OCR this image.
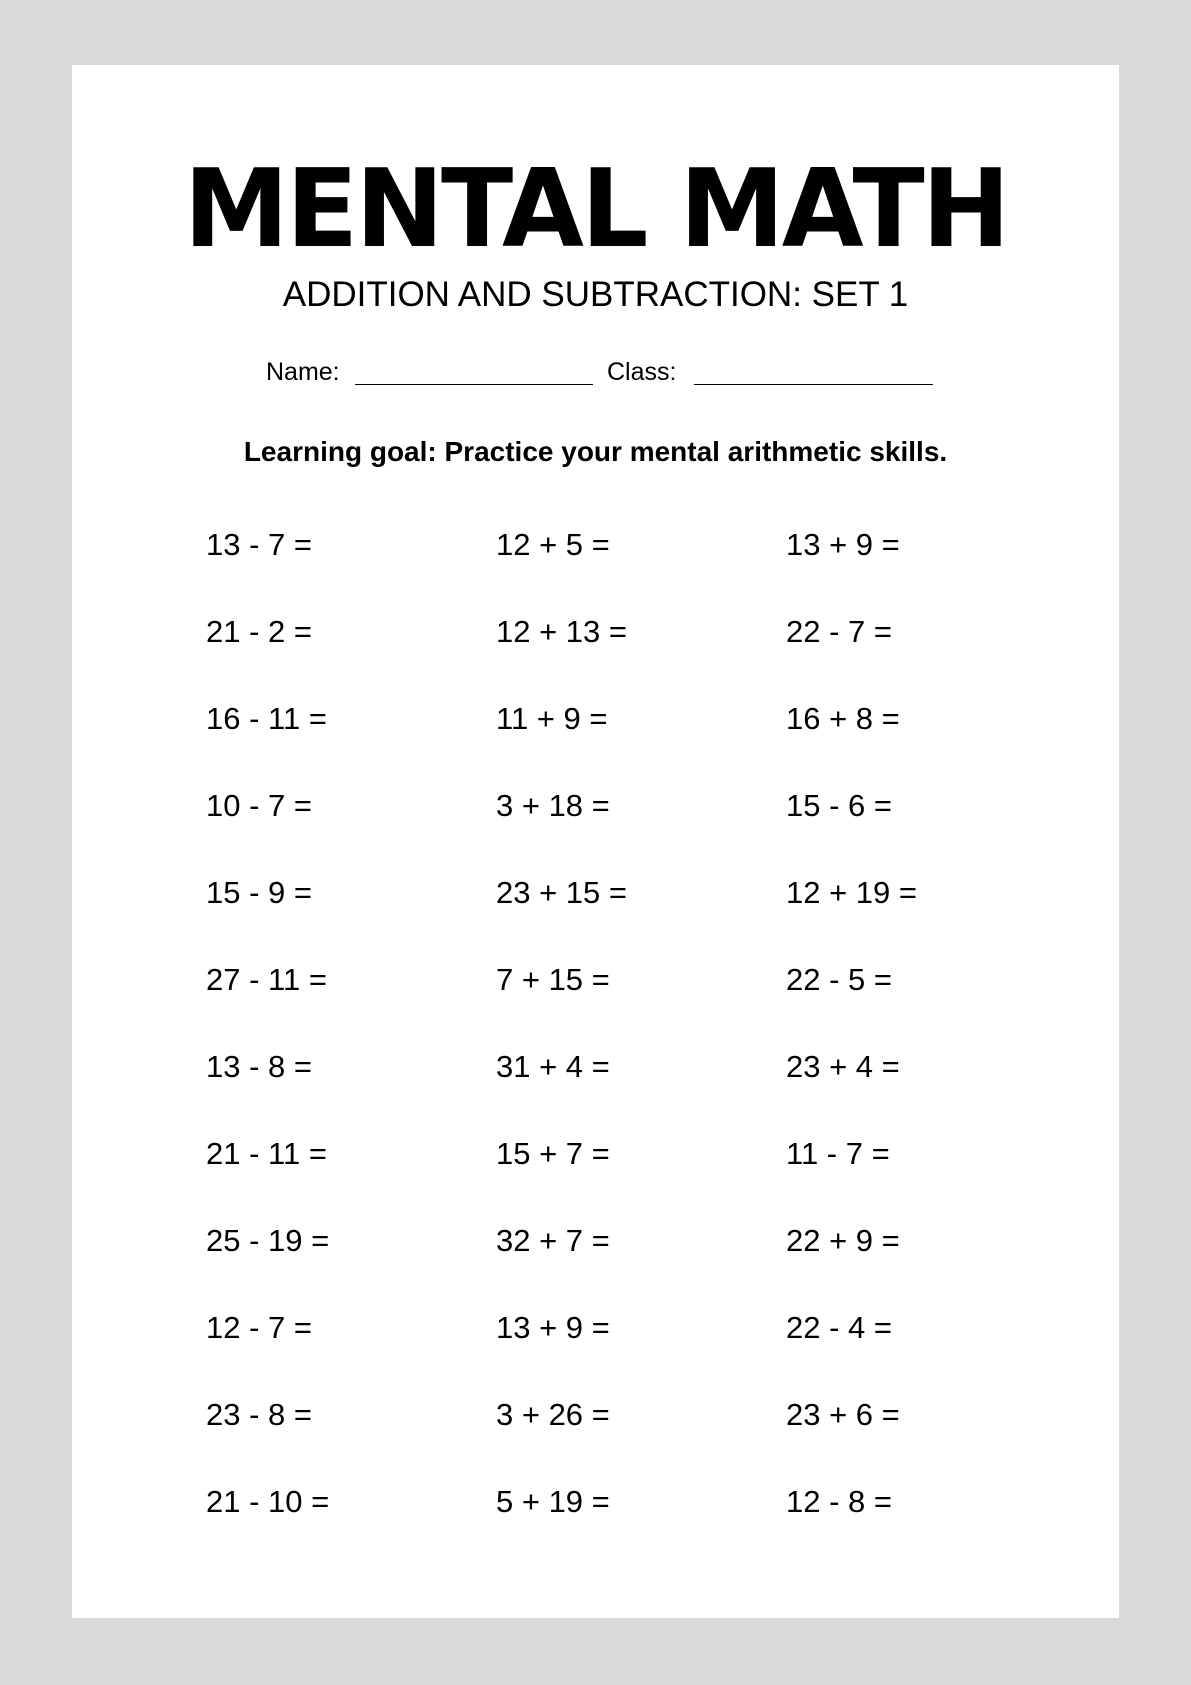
MENTAL MATH
ADDITION AND SUBTRACTION: SET 1
Name:	Class:
Learning goal: Practice your mental arithmetic skills.
13 - 7 =	12 + 5 =	13 + 9 =
21 - 2 =	12 + 13 =	22 - 7 =
16 - 11 =	11 + 9 =	16 + 8 =
10 - 7 =	3 + 18 =	15 - 6 =
15 - 9 =	23 + 15 =	12 + 19 =
27 - 11 =	7 + 15 =	22 - 5 =
13 - 8 =	31 + 4 =	23 + 4 =
21 - 11 =	15 + 7 =	11 - 7 =
25 - 19 =	32 + 7 =	22 + 9 =
12 - 7 =	13 + 9 =	22 - 4 =
23 - 8 =	3 + 26 =	23 + 6 =
21 - 10 =	5 + 19 =	12 - 8 =
